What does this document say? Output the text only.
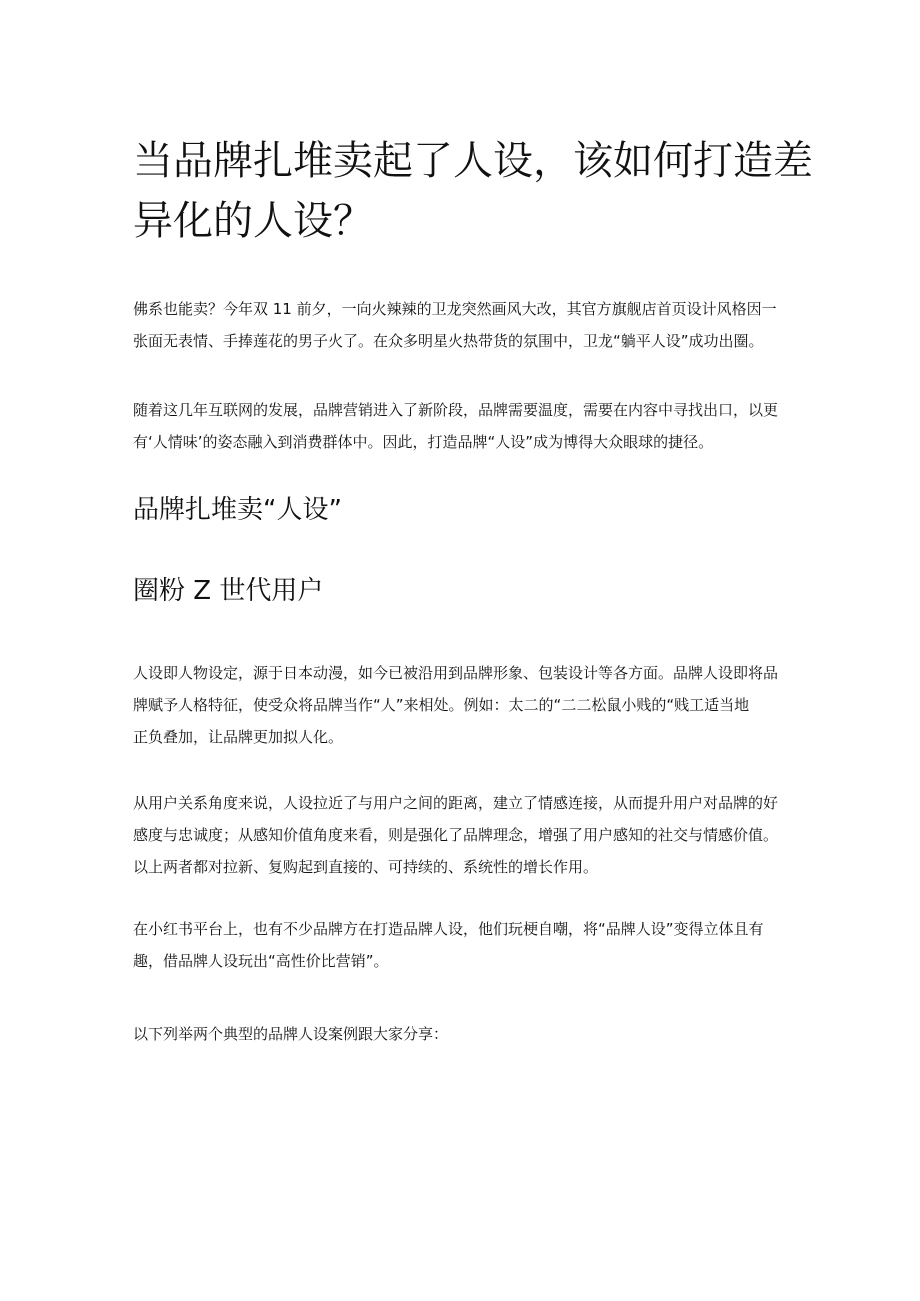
当品牌扎堆卖起了人设，该如何打造差
异化的人设？

佛系也能卖？今年双 11 前夕，一向火辣辣的卫龙突然画风大改，其官方旗舰店首页设计风格因一
张面无表情、手捧莲花的男子火了。在众多明星火热带货的氛围中，卫龙“躺平人设”成功出圈。

随着这几年互联网的发展，品牌营销进入了新阶段，品牌需要温度，需要在内容中寻找出口，以更
有‘人情味’的姿态融入到消费群体中。因此，打造品牌“人设”成为博得大众眼球的捷径。

品牌扎堆卖“人设”
圈粉 Z 世代用户

人设即人物设定，源于日本动漫，如今已被沿用到品牌形象、包装设计等各方面。品牌人设即将品
牌赋予人格特征，使受众将品牌当作“人”来相处。例如：太二的“二二松鼠小贱的“贱工适当地
正负叠加，让品牌更加拟人化。

从用户关系角度来说，人设拉近了与用户之间的距离，建立了情感连接，从而提升用户对品牌的好
感度与忠诚度；从感知价值角度来看，则是强化了品牌理念，增强了用户感知的社交与情感价值。
以上两者都对拉新、复购起到直接的、可持续的、系统性的增长作用。

在小红书平台上，也有不少品牌方在打造品牌人设，他们玩梗自嘲，将“品牌人设”变得立体且有
趣，借品牌人设玩出“高性价比营销”。

以下列举两个典型的品牌人设案例跟大家分享：
